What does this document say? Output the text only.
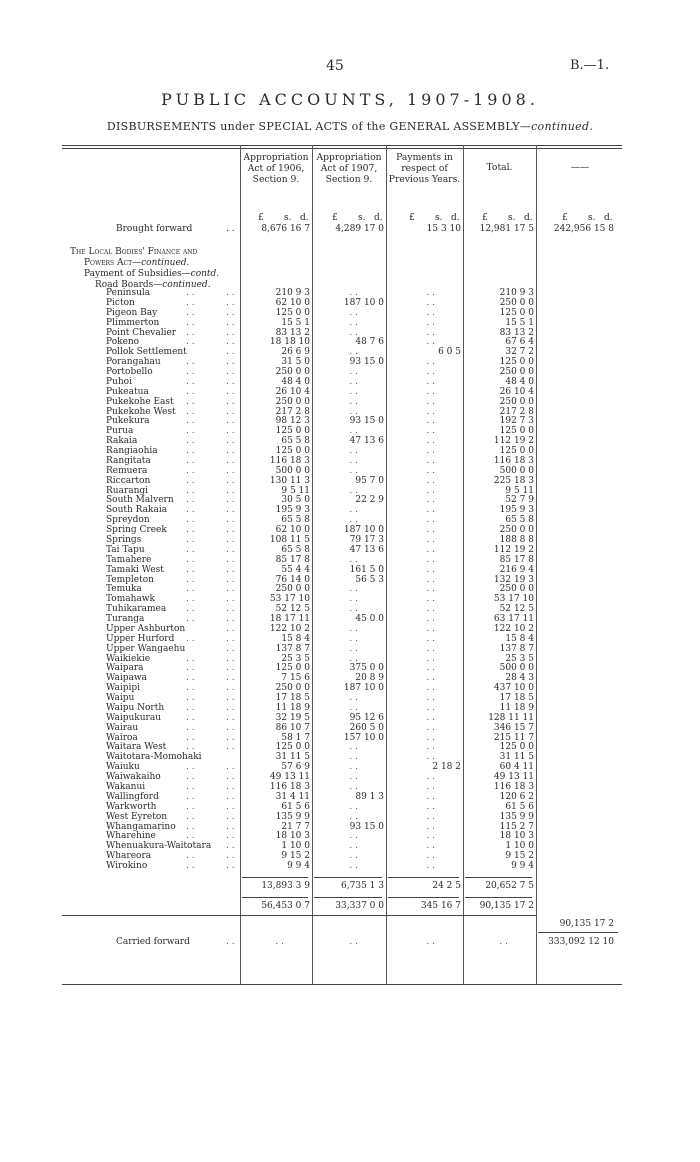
45	B.—1.
PUBLIC ACCOUNTS, 1907-1908.
DISBURSEMENTS under SPECIAL ACTS of the GENERAL ASSEMBLY—continued.
Appropriation Act of 1906, Section 9.
Appropriation Act of 1907, Section 9.
Payments in respect of Previous Years.
Total.	——
£ s. d.	£ s. d.	£ s. d. £ s. d.	£ s. d.
Brought forward	. .	8,676 16 7	4,289 17 0	15 3 10	12,981 17 5	242,956 15 8
The Local Bodies' Finance and
Powers Act—continued.
Payment of Subsidies—contd.
Road Boards—continued.
Peninsula	. .	. .	210 9 3	. .	. .	210 9 3
Picton	. .	. .	62 10 0	187 10 0	. .	250 0 0
Pigeon Bay	. .	. .	125 0 0	. .	. .	125 0 0
Plimmerton	. .	. .	15 5 1	. .	. .	15 5 1
Point Chevalier . .	. .	83 13 2	. .	. .	83 13 2
Pokeno	. .	. .	18 18 10	48 7 6	. .	67 6 4
Pollok Settlement	. .	26 6 9	. .	6 0 5	32 7 2
Porangahau	. .	. .	31 5 0	93 15 0	. .	125 0 0
Portobello	. .	. .	250 0 0	. .	. .	250 0 0
Puhoi	. .	. .	48 4 0	. .	. .	48 4 0
Pukeatua	. .	. .	26 10 4	. .	. .	26 10 4
Pukekohe East . .	. .	250 0 0	. .	. .	250 0 0
Pukekohe West . .	. .	217 2 8	. .	. .	217 2 8
Pukekura	. .	. .	98 12 3	93 15 0	. .	192 7 3
Purua	. .	. .	125 0 0	. .	. .	125 0 0
Rakaia	. .	. .	65 5 8	47 13 6	. .	112 19 2
Rangiaohia	. .	. .	125 0 0	. .	. .	125 0 0
Rangitata	. .	. .	116 18 3	. .	. .	116 18 3
Remuera	. .	. .	500 0 0	. .	. .	500 0 0
Riccarton	. .	. .	130 11 3	95 7 0	. .	225 18 3
Ruarangi	. .	. .	9 5 11	. .	. .	9 5 11
South Malvern . .	. .	30 5 0	22 2 9	. .	52 7 9
South Rakaia . .	. .	195 9 3	. .	. .	195 9 3
Spreydon	. .	. .	65 5 8	. .	. .	65 5 8
Spring Creek . .	. .	62 10 0	187 10 0	. .	250 0 0
Springs	. .	. .	108 11 5	79 17 3	. .	188 8 8
Tai Tapu	. .	. .	65 5 8	47 13 6	. .	112 19 2
Tamahere	. .	. .	85 17 8	. .	. .	85 17 8
Tamaki West . .	. .	55 4 4	161 5 0	. .	216 9 4
Templeton	. .	. .	76 14 0	56 5 3	. .	132 19 3
Temuka	. .	. .	250 0 0	. .	. .	250 0 0
Tomahawk	. .	. .	53 17 10	. .	. .	53 17 10
Tuhikaramea . .	. .	52 12 5	. .	. .	52 12 5
Turanga	. .	. .	18 17 11	45 0 0	. .	63 17 11
Upper Ashburton	. .	122 10 2	. .	. .	122 10 2
Upper Hurford . .	. .	15 8 4	. .	. .	15 8 4
Upper Wangaehu	. .	137 8 7	. .	. .	137 8 7
Waikiekie	. .	. .	25 3 5	. .	. .	25 3 5
Waipara	. .	. .	125 0 0	375 0 0	. .	500 0 0
Waipawa	. .	. .	7 15 6	20 8 9	. .	28 4 3
Waipipi	. .	. .	250 0 0	187 10 0	. .	437 10 0
Waipu	. .	. .	17 18 5	. .	. .	17 18 5
Waipu North . .	. .	11 18 9	. .	. .	11 18 9
Waipukurau	. .	. .	32 19 5	95 12 6	. .	128 11 11
Wairau	. .	. .	86 10 7	260 5 0	. .	346 15 7
Wairoa	. .	. .	58 1 7	157 10 0	. .	215 11 7
Waitara West . .	. .	125 0 0	. .	. .	125 0 0
Waitotara-Momohaki	31 11 5	. .	. .	31 11 5
Waiuku	. .	. .	57 6 9	. .	2 18 2	60 4 11
Waiwakaiho	. .	. .	49 13 11	. .	. .	49 13 11
Wakanui	. .	. .	116 18 3	. .	. .	116 18 3
Wallingford	. .	. .	31 4 11	89 1 3	. .	120 6 2
Warkworth	. .	. .	61 5 6	. .	. .	61 5 6
West Eyreton . .	. .	135 9 9	. .	. .	135 9 9
Whangamarino . .	. .	21 7 7	93 15 0	. .	115 2 7
Wharehine	. .	. .	18 10 3	. .	. .	18 10 3
Whenuakura-Waitotara . .	1 10 0	. .	. .	1 10 0
Whareora	. .	. .	9 15 2	. .	. .	9 15 2
Wirokino	. .	. .	9 9 4	. .	. .	9 9 4
13,893 3 9	6,735 1 3	24 2 5	20,652 7 5
56,453 0 7	33,337 0 0	345 16 7	90,135 17 2
90,135 17 2
Carried forward	. .	. .	. .	. .	. .	333,092 12 10
